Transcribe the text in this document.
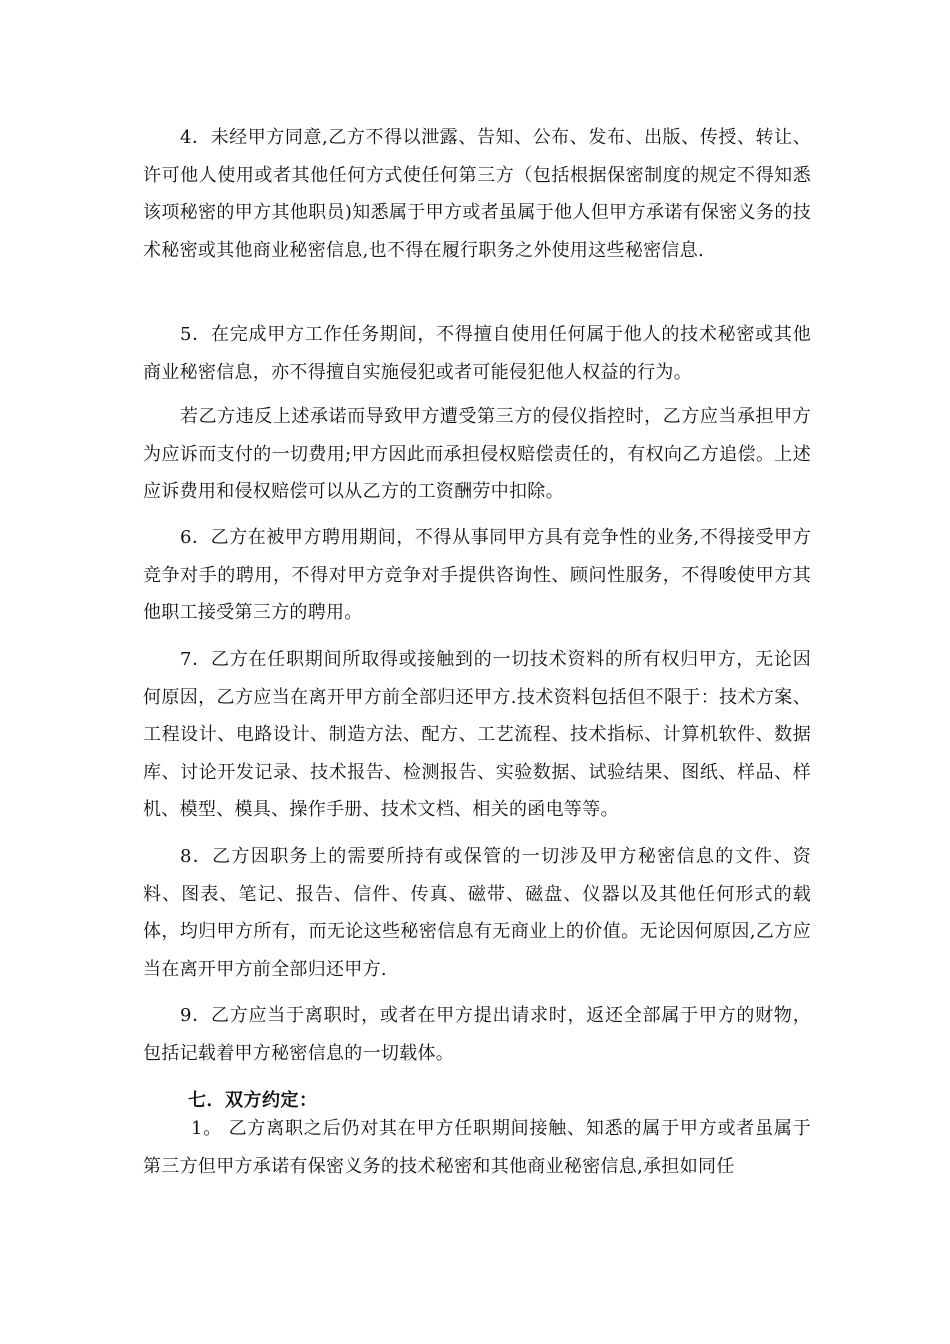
4．未经甲方同意,乙方不得以泄露、告知、公布、发布、出版、传授、转让、许可他人使用或者其他任何方式使任何第三方（包括根据保密制度的规定不得知悉该项秘密的甲方其他职员)知悉属于甲方或者虽属于他人但甲方承诺有保密义务的技术秘密或其他商业秘密信息,也不得在履行职务之外使用这些秘密信息.

5．在完成甲方工作任务期间，不得擅自使用任何属于他人的技术秘密或其他商业秘密信息，亦不得擅自实施侵犯或者可能侵犯他人权益的行为。

若乙方违反上述承诺而导致甲方遭受第三方的侵仪指控时，乙方应当承担甲方为应诉而支付的一切费用;甲方因此而承担侵权赔偿责任的，有权向乙方追偿。上述应诉费用和侵权赔偿可以从乙方的工资酬劳中扣除。

6．乙方在被甲方聘用期间，不得从事同甲方具有竞争性的业务,不得接受甲方竞争对手的聘用，不得对甲方竞争对手提供咨询性、顾问性服务，不得唆使甲方其他职工接受第三方的聘用。

7．乙方在任职期间所取得或接触到的一切技术资料的所有权归甲方，无论因何原因，乙方应当在离开甲方前全部归还甲方.技术资料包括但不限于：技术方案、工程设计、电路设计、制造方法、配方、工艺流程、技术指标、计算机软件、数据库、讨论开发记录、技术报告、检测报告、实验数据、试验结果、图纸、样品、样机、模型、模具、操作手册、技术文档、相关的函电等等。

8．乙方因职务上的需要所持有或保管的一切涉及甲方秘密信息的文件、资料、图表、笔记、报告、信件、传真、磁带、磁盘、仪器以及其他任何形式的载体，均归甲方所有，而无论这些秘密信息有无商业上的价值。无论因何原因,乙方应当在离开甲方前全部归还甲方.

9．乙方应当于离职时，或者在甲方提出请求时，返还全部属于甲方的财物，包括记载着甲方秘密信息的一切载体。

七．双方约定：

1。 乙方离职之后仍对其在甲方任职期间接触、知悉的属于甲方或者虽属于第三方但甲方承诺有保密义务的技术秘密和其他商业秘密信息,承担如同任
